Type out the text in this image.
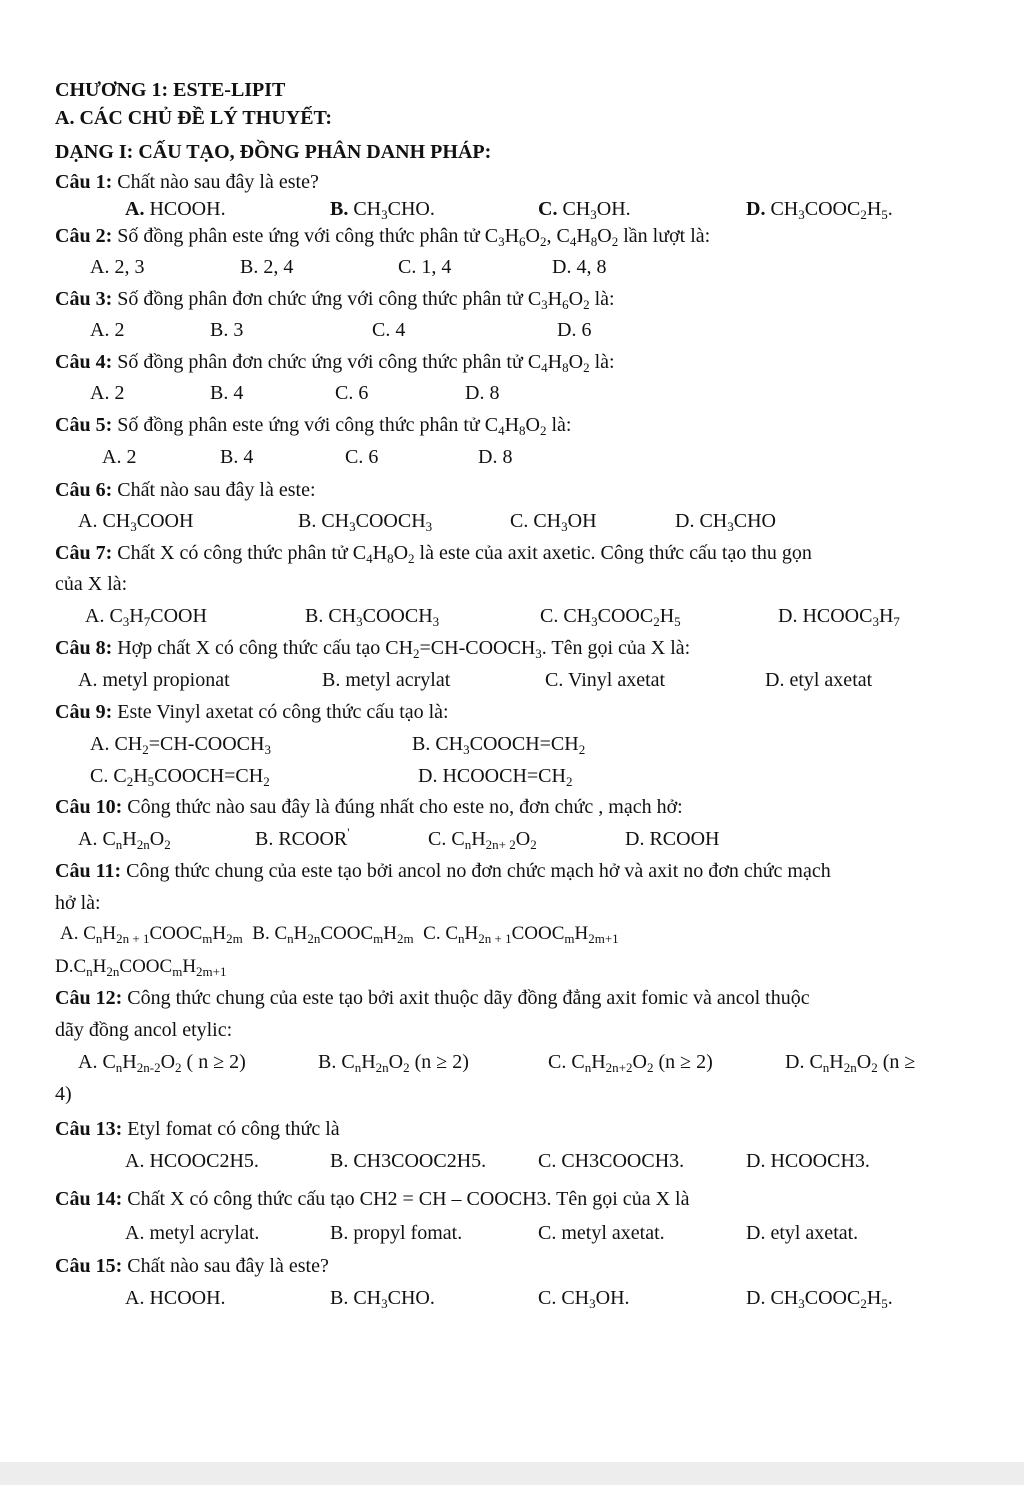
CHƯƠNG 1: ESTE-LIPIT
A. CÁC CHỦ ĐỀ LÝ THUYẾT:
DẠNG I: CẤU TẠO, ĐỒNG PHÂN DANH PHÁP:
Câu 1: Chất nào sau đây là este?
A. HCOOH.	B. $CH_3CHO$.	C. $CH_3OH$.	D. $CH_3COOC_2H_5$.
Câu 2: Số đồng phân este ứng với công thức phân tử $C_3H_6O_2$, $C_4H_8O_2$ lần lượt là:
A. 2, 3	B. 2, 4	C. 1, 4	D. 4, 8
Câu 3: Số đồng phân đơn chức ứng với công thức phân tử $C_3H_6O_2$ là:
A. 2	B. 3	C. 4	D. 6
Câu 4: Số đồng phân đơn chức ứng với công thức phân tử $C_4H_8O_2$ là:
A. 2	B. 4	C. 6	D. 8
Câu 5: Số đồng phân este ứng với công thức phân tử $C_4H_8O_2$ là:
A. 2	B. 4	C. 6	D. 8
Câu 6: Chất nào sau đây là este:
A. $CH_3COOH$	B. $CH_3COOCH_3$	C. $CH_3OH$	D. $CH_3CHO$
Câu 7: Chất X có công thức phân tử $C_4H_8O_2$ là este của axit axetic. Công thức cấu tạo thu gọn
của X là:
A. $C_3H_7COOH$	B. $CH_3COOCH_3$	C. $CH_3COOC_2H_5$	D. $HCOOC_3H_7$
Câu 8: Hợp chất X có công thức cấu tạo $CH_2=CH-COOCH_3$. Tên gọi của X là:
A. metyl propionat	B. metyl acrylat	C. Vinyl axetat	D. etyl axetat
Câu 9: Este Vinyl axetat có công thức cấu tạo là:
A. $CH_2=CH-COOCH_3$	B. $CH_3COOCH=CH_2$
C. $C_2H_5COOCH=CH_2$	D. $HCOOCH=CH_2$
Câu 10: Công thức nào sau đây là đúng nhất cho este no, đơn chức , mạch hở:
A. $C_nH_{2n}O_2$	B. RCOOR'	C. $C_nH_{2n+ 2}O_2$	D. RCOOH
Câu 11: Công thức chung của este tạo bởi ancol no đơn chức mạch hở và axit no đơn chức mạch
hở là:
A. $C_nH_{2n + 1}COOC_mH_{2m}$  B. $C_nH_{2n}COOC_mH_{2m}$  C. $C_nH_{2n + 1}COOC_mH_{2m+1}$
$D.C_nH_{2n}COOC_mH_{2m+1}$
Câu 12: Công thức chung của este tạo bởi axit thuộc dãy đồng đẳng axit fomic và ancol thuộc
dãy đồng ancol etylic:
A. $C_nH_{2n-2}O_2$ ( n ≥ 2)	B. $C_nH_{2n}O_2$ (n ≥ 2)	C. $C_nH_{2n+2}O_2$ (n ≥ 2)	D. $C_nH_{2n}O_2$ (n ≥
4)
Câu 13: Etyl fomat có công thức là
A. HCOOC2H5.	B. CH3COOC2H5.	C. CH3COOCH3.	D. HCOOCH3.
Câu 14: Chất X có công thức cấu tạo CH2 = CH – COOCH3. Tên gọi của X là
A. metyl acrylat.	B. propyl fomat.	C. metyl axetat.	D. etyl axetat.
Câu 15: Chất nào sau đây là este?
A. HCOOH.	B. $CH_3CHO$.	C. $CH_3OH$.	D. $CH_3COOC_2H_5$.
